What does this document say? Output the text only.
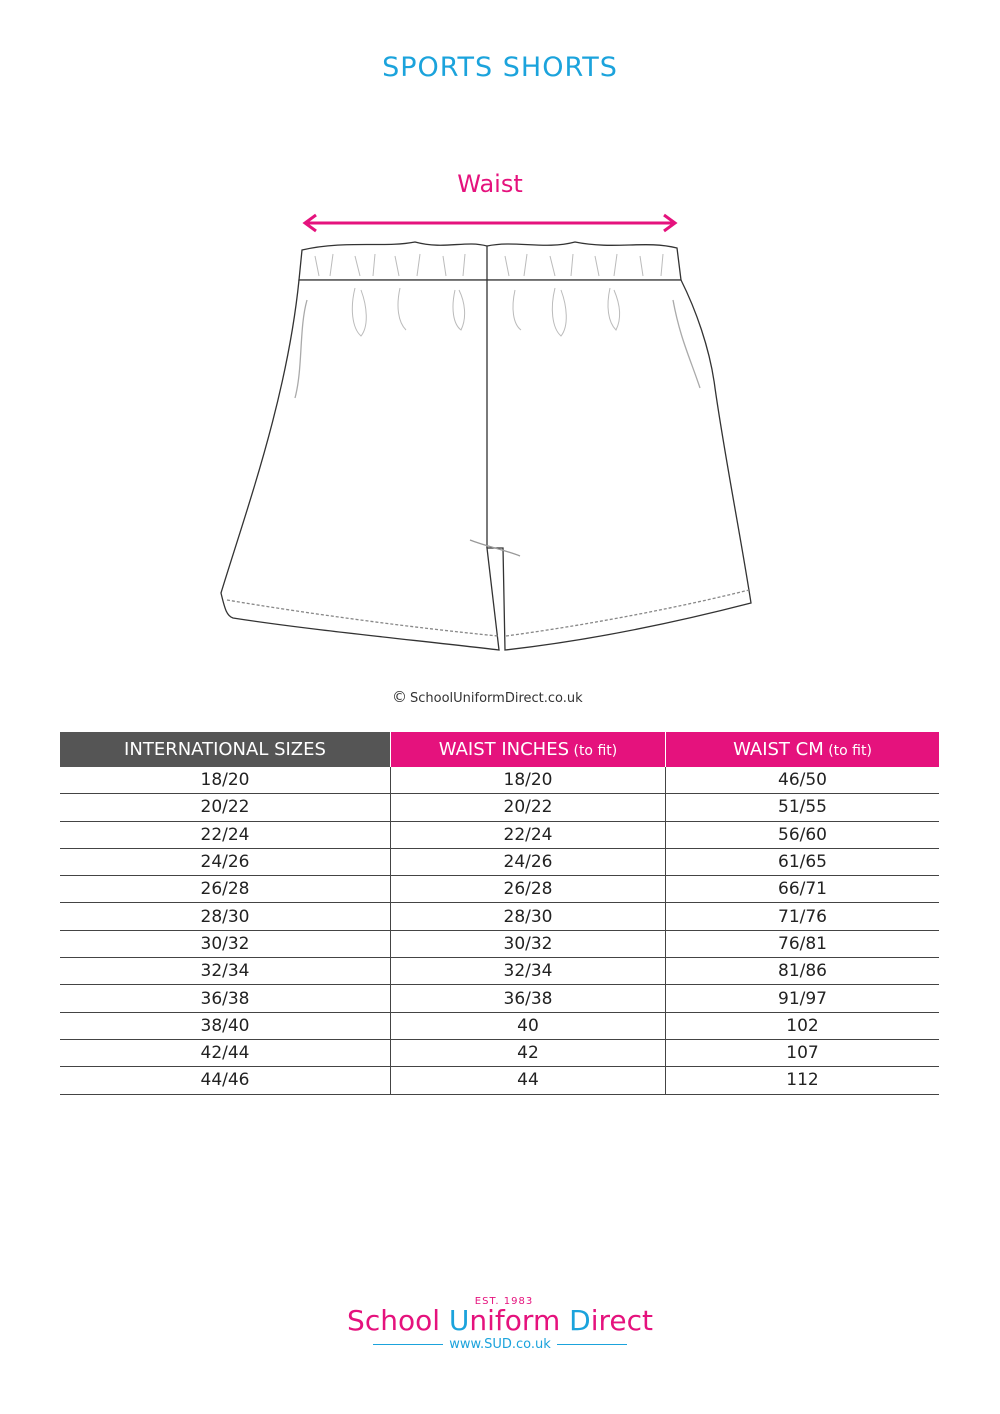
SPORTS SHORTS
Waist
© SchoolUniformDirect.co.uk
INTERNATIONAL SIZES	WAIST INCHES (to fit)	WAIST CM (to fit)
18/20	18/20	46/50
20/22	20/22	51/55
22/24	22/24	56/60
24/26	24/26	61/65
26/28	26/28	66/71
28/30	28/30	71/76
30/32	30/32	76/81
32/34	32/34	81/86
36/38	36/38	91/97
38/40	40	102
42/44	42	107
44/46	44	112
EST. 1983
School Uniform Direct
www.SUD.co.uk
